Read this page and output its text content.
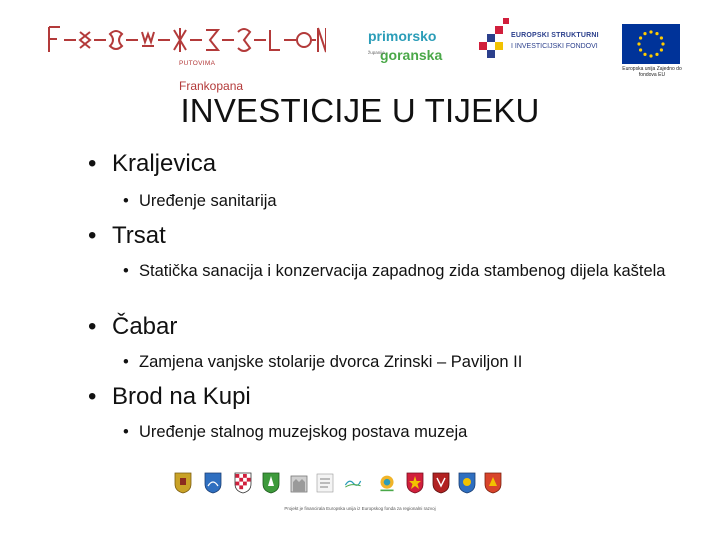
PUTOVIMA
Frankopana
primorsko
goranska
županija
EUROPSKI STRUKTURNI
I INVESTICIJSKI FONDOVI
Europska unija Zajedno do fondova EU
INVESTICIJE U TIJEKU
• Kraljevica
• Uređenje sanitarija
• Trsat
• Statička sanacija i konzervacija zapadnog zida stambenog dijela kaštela
• Čabar
• Zamjena vanjske stolarije dvorca Zrinski – Paviljon II
• Brod na Kupi
• Uređenje stalnog muzejskog postava muzeja
Projekt je financirala Europska unija iz Europskog fonda za regionalni razvoj
